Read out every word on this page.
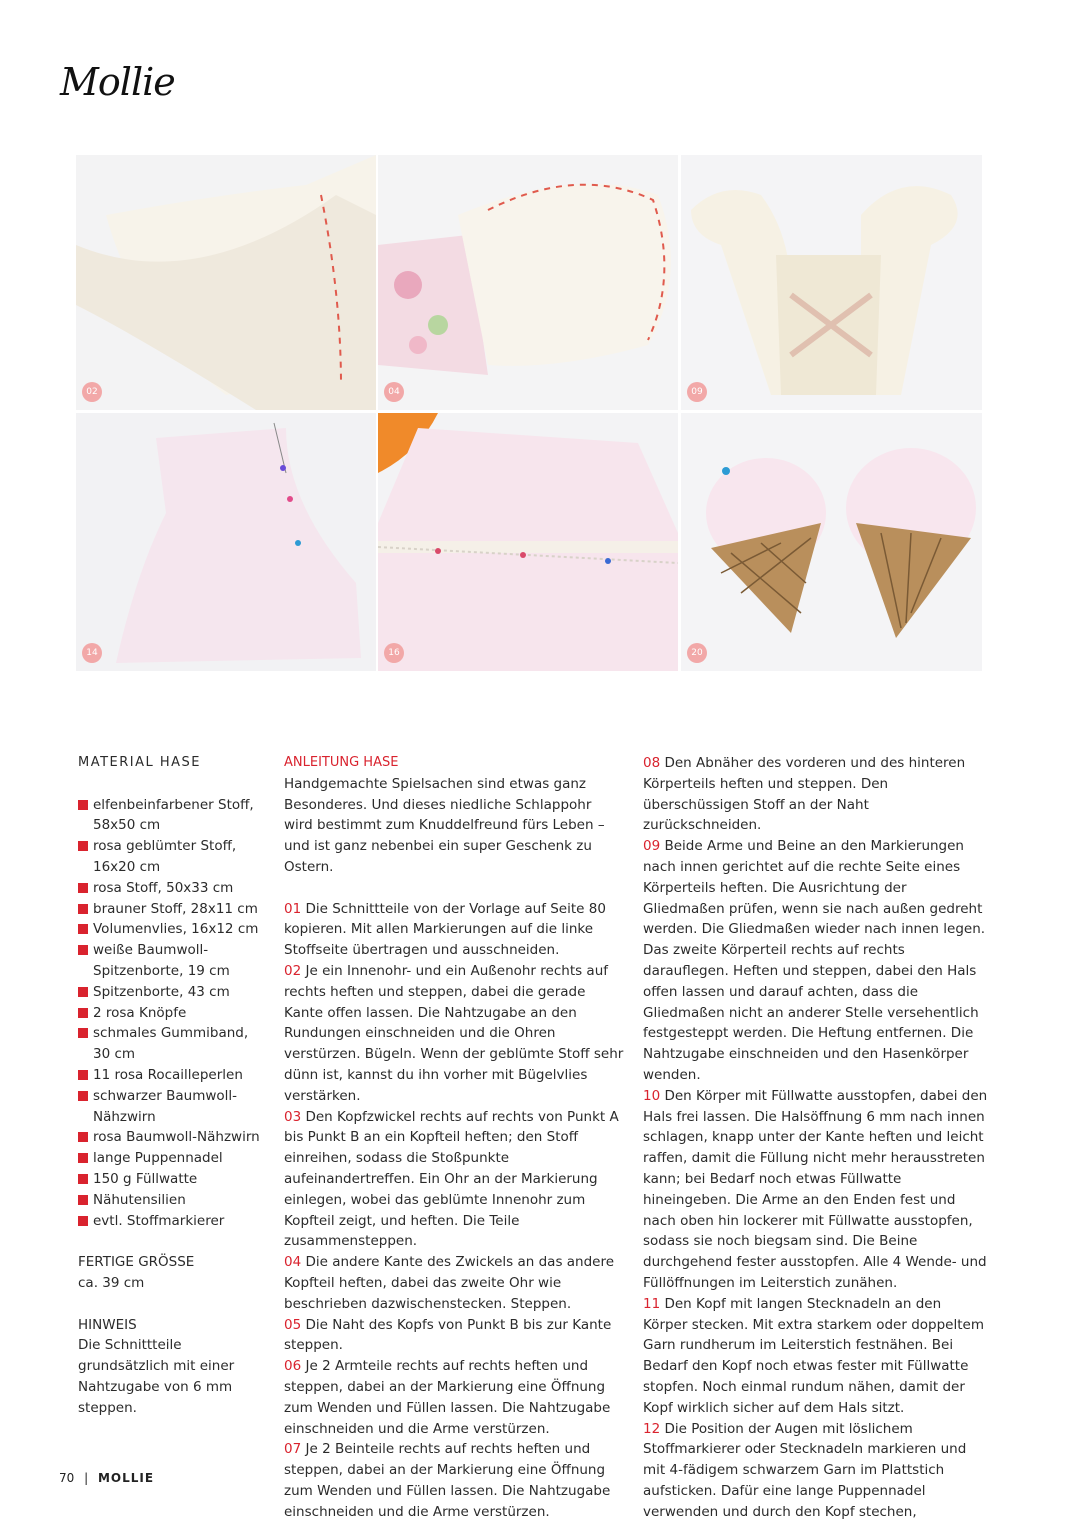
Mollie
02	04	09
14	16	20
MATERIAL HASE
elfenbeinfarbener Stoff, 58x50 cm
rosa geblümter Stoff, 16x20 cm
rosa Stoff, 50x33 cm
brauner Stoff, 28x11 cm
Volumenvlies, 16x12 cm
weiße Baumwoll-Spitzenborte, 19 cm
Spitzenborte, 43 cm
2 rosa Knöpfe
schmales Gummiband, 30 cm
11 rosa Rocailleperlen
schwarzer Baumwoll-Nähzwirn
rosa Baumwoll-Nähzwirn
lange Puppennadel
150 g Füllwatte
Nähutensilien
evtl. Stoffmarkierer

FERTIGE GRÖSSE

ca. 39 cm

HINWEIS

Die Schnittteile grundsätzlich mit einer Nahtzugabe von 6 mm steppen.

ANLEITUNG HASE

Handgemachte Spielsachen sind etwas ganz Besonderes. Und dieses niedliche Schlappohr wird bestimmt zum Knuddelfreund fürs Leben – und ist ganz nebenbei ein super Geschenk zu Ostern.

01 Die Schnittteile von der Vorlage auf Seite 80 kopieren. Mit allen Markierungen auf die linke Stoffseite übertragen und ausschneiden.

02 Je ein Innenohr- und ein Außenohr rechts auf rechts heften und steppen, dabei die gerade Kante offen lassen. Die Nahtzugabe an den Rundungen einschneiden und die Ohren verstürzen. Bügeln. Wenn der geblümte Stoff sehr dünn ist, kannst du ihn vorher mit Bügelvlies verstärken.

03 Den Kopfzwickel rechts auf rechts von Punkt A bis Punkt B an ein Kopfteil heften; den Stoff einreihen, sodass die Stoßpunkte aufeinandertreffen. Ein Ohr an der Markierung einlegen, wobei das geblümte Innenohr zum Kopfteil zeigt, und heften. Die Teile zusammensteppen.

04 Die andere Kante des Zwickels an das andere Kopfteil heften, dabei das zweite Ohr wie beschrieben dazwischenstecken. Steppen.

05 Die Naht des Kopfs von Punkt B bis zur Kante steppen.

06 Je 2 Armteile rechts auf rechts heften und steppen, dabei an der Markierung eine Öffnung zum Wenden und Füllen lassen. Die Nahtzugabe einschneiden und die Arme verstürzen.

07 Je 2 Beinteile rechts auf rechts heften und steppen, dabei an der Markierung eine Öffnung zum Wenden und Füllen lassen. Die Nahtzugabe einschneiden und die Arme verstürzen.

08 Den Abnäher des vorderen und des hinteren Körperteils heften und steppen. Den überschüssigen Stoff an der Naht zurückschneiden.

09 Beide Arme und Beine an den Markierungen nach innen gerichtet auf die rechte Seite eines Körperteils heften. Die Ausrichtung der Gliedmaßen prüfen, wenn sie nach außen gedreht werden. Die Gliedmaßen wieder nach innen legen. Das zweite Körperteil rechts auf rechts darauflegen. Heften und steppen, dabei den Hals offen lassen und darauf achten, dass die Gliedmaßen nicht an anderer Stelle versehentlich festgesteppt werden. Die Heftung entfernen. Die Nahtzugabe einschneiden und den Hasenkörper wenden.

10 Den Körper mit Füllwatte ausstopfen, dabei den Hals frei lassen. Die Halsöffnung 6 mm nach innen schlagen, knapp unter der Kante heften und leicht raffen, damit die Füllung nicht mehr herausstreten kann; bei Bedarf noch etwas Füllwatte hineingeben. Die Arme an den Enden fest und nach oben hin lockerer mit Füllwatte ausstopfen, sodass sie noch biegsam sind. Die Beine durchgehend fester ausstopfen. Alle 4 Wende- und Füllöffnungen im Leiterstich zunähen.

11 Den Kopf mit langen Stecknadeln an den Körper stecken. Mit extra starkem oder doppeltem Garn rundherum im Leiterstich festnähen. Bei Bedarf den Kopf noch etwas fester mit Füllwatte stopfen. Noch einmal rundum nähen, damit der Kopf wirklich sicher auf dem Hals sitzt.

12 Die Position der Augen mit löslichem Stoffmarkierer oder Stecknadeln markieren und mit 4-fädigem schwarzem Garn im Plattstich aufsticken. Dafür eine lange Puppennadel verwenden und durch den Kopf stechen,

70 | MOLLIE
